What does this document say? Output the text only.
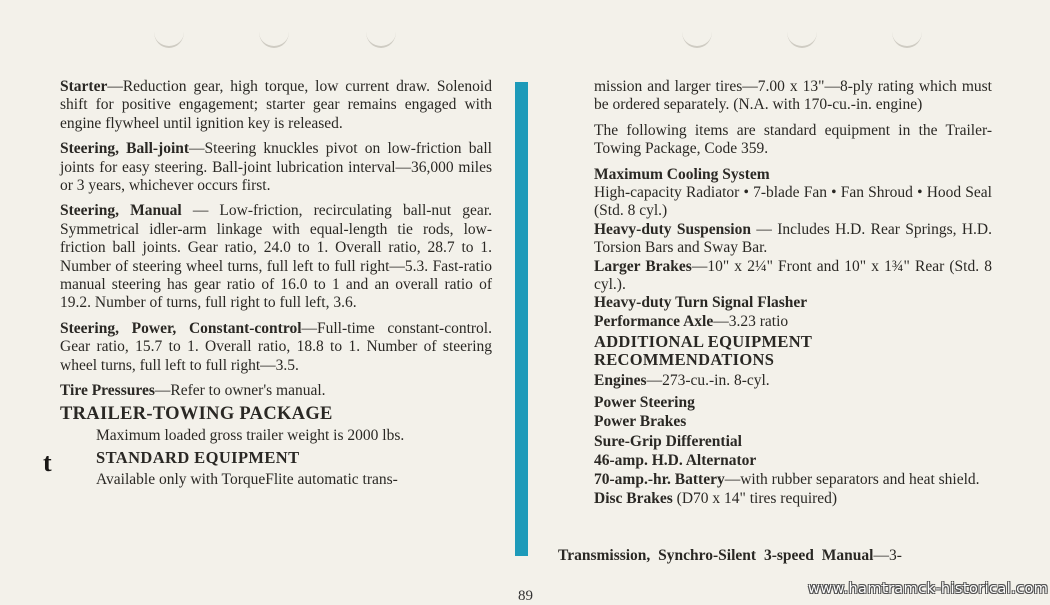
Starter—Reduction gear, high torque, low current draw. Solenoid shift for positive engagement; starter gear remains engaged with engine flywheel until ignition key is released.

Steering, Ball-joint—Steering knuckles pivot on low-friction ball joints for easy steering. Ball-joint lubrication interval—36,000 miles or 3 years, whichever occurs first.

Steering, Manual — Low-friction, recirculating ball-nut gear. Symmetrical idler-arm linkage with equal-length tie rods, low-friction ball joints. Gear ratio, 24.0 to 1. Overall ratio, 28.7 to 1. Number of steering wheel turns, full left to full right—5.3. Fast-ratio manual steering has gear ratio of 16.0 to 1 and an overall ratio of 19.2. Number of turns, full right to full left, 3.6.

Steering, Power, Constant-control—Full-time constant-control. Gear ratio, 15.7 to 1. Overall ratio, 18.8 to 1. Number of steering wheel turns, full left to full right—3.5.

Tire Pressures—Refer to owner's manual.

TRAILER-TOWING PACKAGE
Maximum loaded gross trailer weight is 2000 lbs.
STANDARD EQUIPMENT
Available only with TorqueFlite automatic trans-
t

mission and larger tires—7.00 x 13"—8-ply rating which must be ordered separately. (N.A. with 170-cu.-in. engine)

The following items are standard equipment in the Trailer-Towing Package, Code 359.

Maximum Cooling System
High-capacity Radiator • 7-blade Fan • Fan Shroud • Hood Seal (Std. 8 cyl.)
Heavy-duty Suspension — Includes H.D. Rear Springs, H.D. Torsion Bars and Sway Bar.
Larger Brakes—10" x 2¼" Front and 10" x 1¾" Rear (Std. 8 cyl.).
Heavy-duty Turn Signal Flasher
Performance Axle—3.23 ratio
ADDITIONAL EQUIPMENT
RECOMMENDATIONS
Engines—273-cu.-in. 8-cyl.
Power Steering
Power Brakes
Sure-Grip Differential
46-amp. H.D. Alternator
70-amp.-hr. Battery—with rubber separators and heat shield.
Disc Brakes (D70 x 14" tires required)
Transmission, Synchro-Silent 3-speed Manual—3-
89	www.hamtramck-historical.com
